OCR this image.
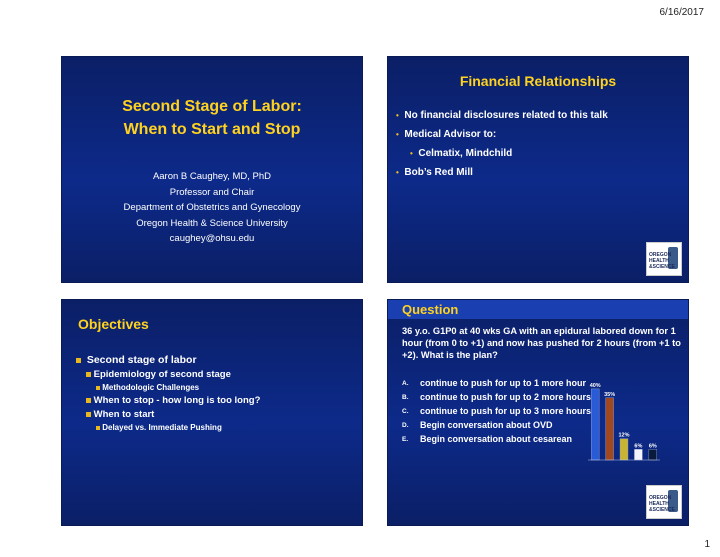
6/16/2017
Second Stage of Labor:
When to Start and Stop
Aaron B Caughey, MD, PhD
Professor and Chair
Department of Obstetrics and Gynecology
Oregon Health & Science University
caughey@ohsu.edu
Financial Relationships
• No financial disclosures related to this talk
• Medical Advisor to:
• Celmatix, Mindchild
• Bob’s Red Mill
OREGON
HEALTH
&SCIENCE
Objectives
Second stage of labor
Epidemiology of second stage
Methodologic Challenges
When to stop - how long is too long?
When to start
Delayed vs. Immediate Pushing
Question
36 y.o. G1P0 at 40 wks GA with an epidural labored down for 1 hour (from 0 to +1) and now has pushed for 2 hours (from +1 to +2). What is the plan?
A.	continue to push for up to 1 more hour
B.	continue to push for up to 2 more hours
C.	continue to push for up to 3 more hours
D.	Begin conversation about OVD
E.	Begin conversation about cesarean
40%
35%
12%
6% 6%
OREGON
HEALTH
&SCIENCE
1
